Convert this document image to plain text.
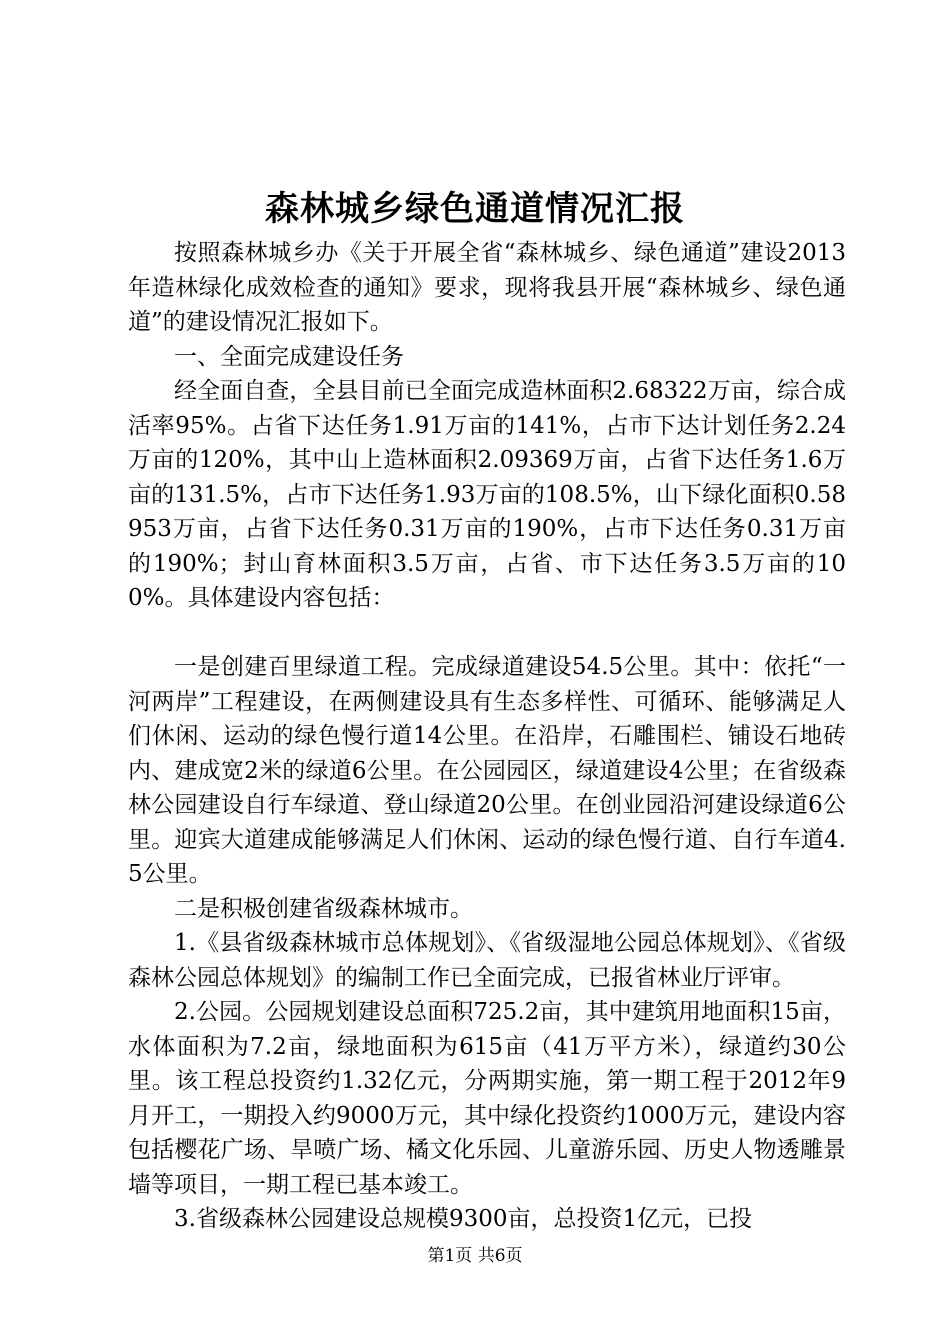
森林城乡绿色通道情况汇报

按照森林城乡办《关于开展全省“森林城乡、绿色通道”建设2013年造林绿化成效检查的通知》要求，现将我县开展“森林城乡、绿色通道”的建设情况汇报如下。

一、全面完成建设任务

经全面自查，全县目前已全面完成造林面积2.68322万亩，综合成活率95%。占省下达任务1.91万亩的141%，占市下达计划任务2.24万亩的120%，其中山上造林面积2.09369万亩，占省下达任务1.6万亩的131.5%，占市下达任务1.93万亩的108.5%，山下绿化面积0.58953万亩，占省下达任务0.31万亩的190%，占市下达任务0.31万亩的190%；封山育林面积3.5万亩，占省、市下达任务3.5万亩的100%。具体建设内容包括：

一是创建百里绿道工程。完成绿道建设54.5公里。其中：依托“一河两岸”工程建设，在两侧建设具有生态多样性、可循环、能够满足人们休闲、运动的绿色慢行道14公里。在沿岸，石雕围栏、铺设石地砖内、建成宽2米的绿道6公里。在公园园区，绿道建设4公里；在省级森林公园建设自行车绿道、登山绿道20公里。在创业园沿河建设绿道6公里。迎宾大道建成能够满足人们休闲、运动的绿色慢行道、自行车道4.5公里。

二是积极创建省级森林城市。

1.《县省级森林城市总体规划》、《省级湿地公园总体规划》、《省级森林公园总体规划》的编制工作已全面完成，已报省林业厅评审。

2.公园。公园规划建设总面积725.2亩，其中建筑用地面积15亩，水体面积为7.2亩，绿地面积为615亩（41万平方米），绿道约30公里。该工程总投资约1.32亿元，分两期实施，第一期工程于2012年9月开工，一期投入约9000万元，其中绿化投资约1000万元，建设内容包括樱花广场、旱喷广场、橘文化乐园、儿童游乐园、历史人物透雕景墙等项目，一期工程已基本竣工。

3.省级森林公园建设总规模9300亩，总投资1亿元，已投

第1页 共6页
